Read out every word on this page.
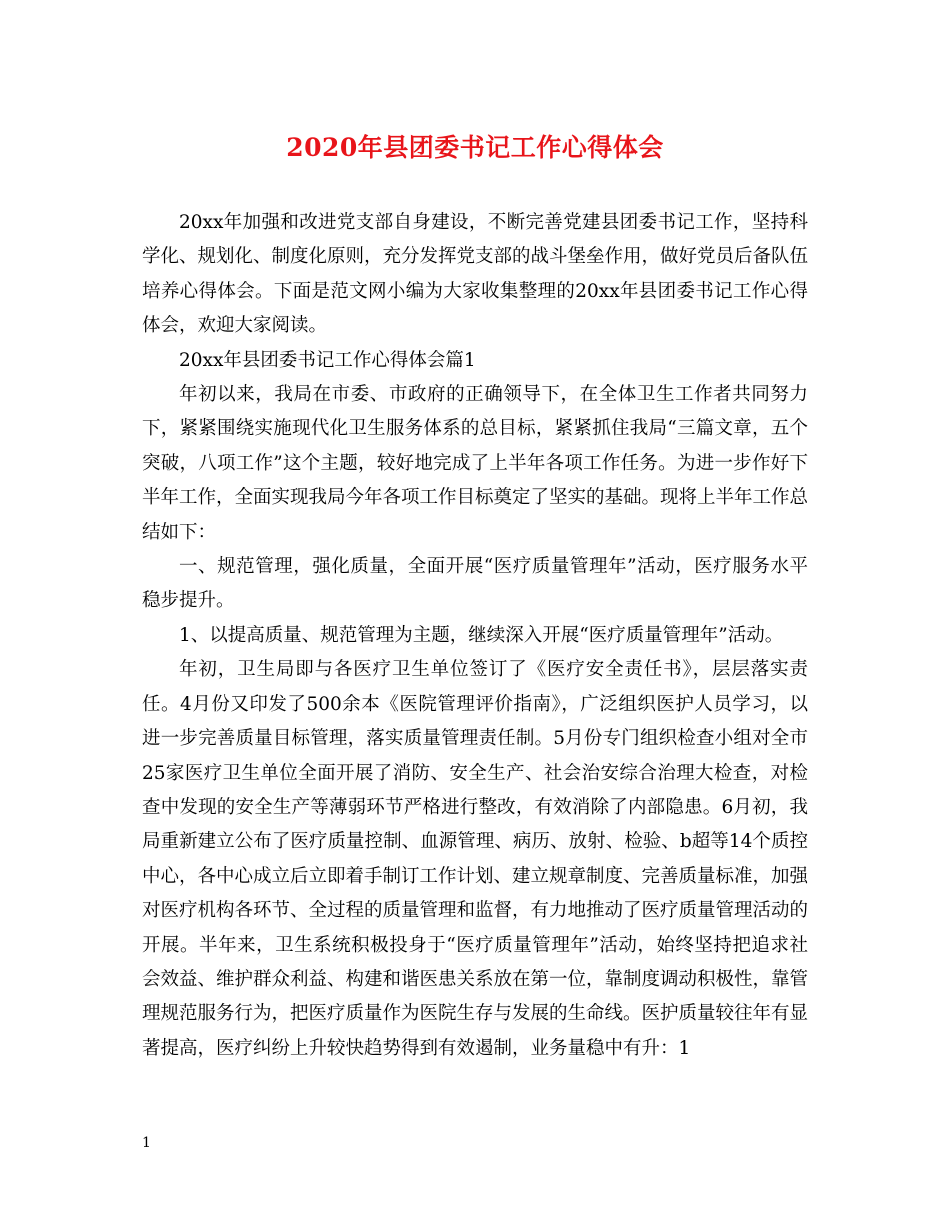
2020年县团委书记工作心得体会

20xx年加强和改进党支部自身建设，不断完善党建县团委书记工作，坚持科学化、规划化、制度化原则，充分发挥党支部的战斗堡垒作用，做好党员后备队伍培养心得体会。下面是范文网小编为大家收集整理的20xx年县团委书记工作心得体会，欢迎大家阅读。

20xx年县团委书记工作心得体会篇1

年初以来，我局在市委、市政府的正确领导下，在全体卫生工作者共同努力下，紧紧围绕实施现代化卫生服务体系的总目标，紧紧抓住我局“三篇文章，五个突破，八项工作”这个主题，较好地完成了上半年各项工作任务。为进一步作好下半年工作，全面实现我局今年各项工作目标奠定了坚实的基础。现将上半年工作总结如下：

一、规范管理，强化质量，全面开展“医疗质量管理年”活动，医疗服务水平稳步提升。

1、以提高质量、规范管理为主题，继续深入开展“医疗质量管理年”活动。

年初，卫生局即与各医疗卫生单位签订了《医疗安全责任书》，层层落实责任。4月份又印发了500余本《医院管理评价指南》，广泛组织医护人员学习，以进一步完善质量目标管理，落实质量管理责任制。5月份专门组织检查小组对全市25家医疗卫生单位全面开展了消防、安全生产、社会治安综合治理大检查，对检查中发现的安全生产等薄弱环节严格进行整改，有效消除了内部隐患。6月初，我局重新建立公布了医疗质量控制、血源管理、病历、放射、检验、b超等14个质控中心，各中心成立后立即着手制订工作计划、建立规章制度、完善质量标准，加强对医疗机构各环节、全过程的质量管理和监督，有力地推动了医疗质量管理活动的开展。半年来，卫生系统积极投身于“医疗质量管理年”活动，始终坚持把追求社会效益、维护群众利益、构建和谐医患关系放在第一位，靠制度调动积极性，靠管理规范服务行为，把医疗质量作为医院生存与发展的生命线。医护质量较往年有显著提高，医疗纠纷上升较快趋势得到有效遏制，业务量稳中有升：1

1
